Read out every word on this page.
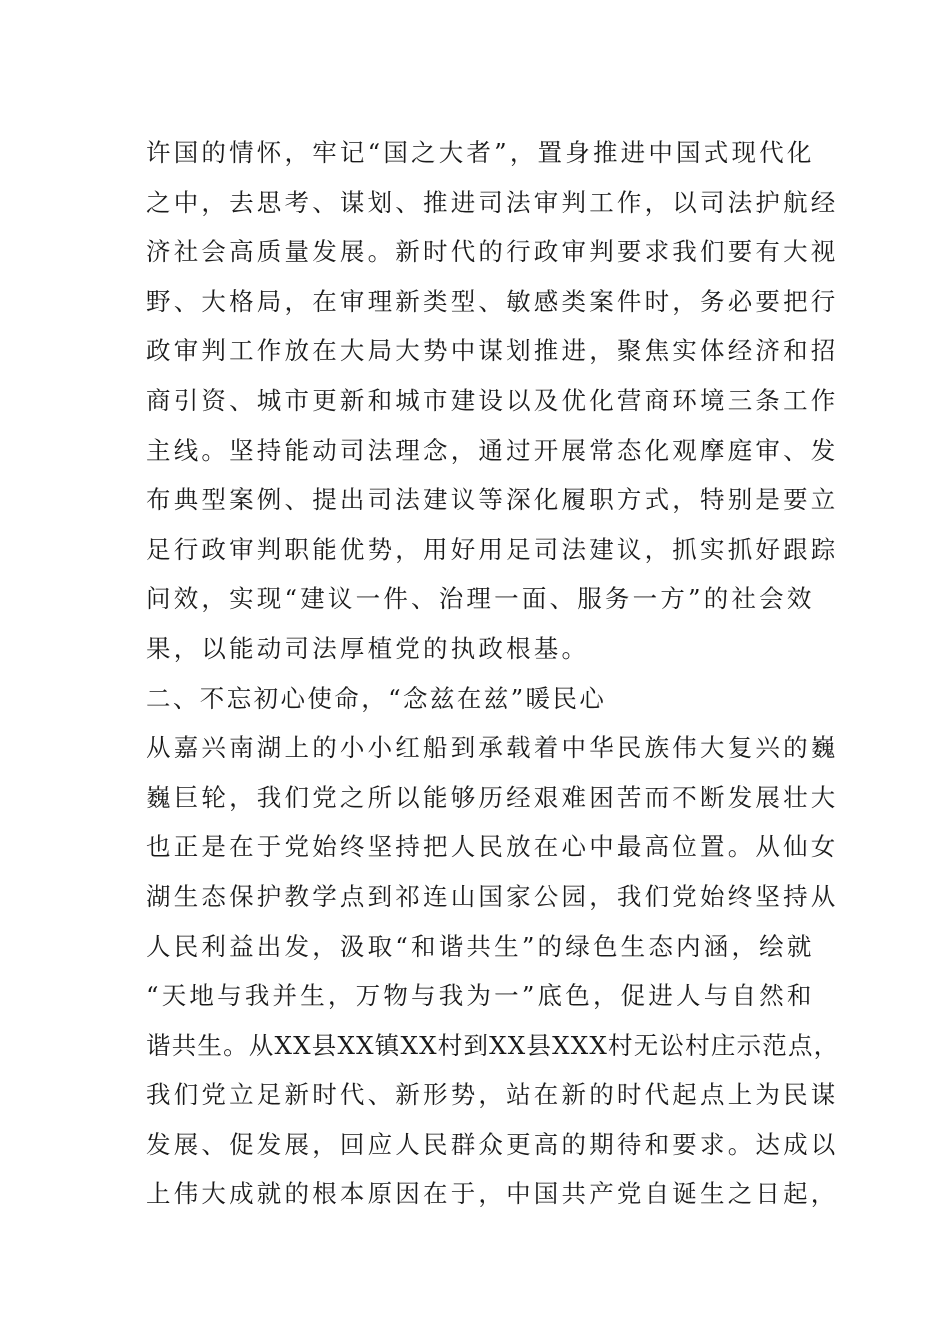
许国的情怀，牢记“国之大者”，置身推进中国式现代化
之中，去思考、谋划、推进司法审判工作，以司法护航经
济社会高质量发展。新时代的行政审判要求我们要有大视
野、大格局，在审理新类型、敏感类案件时，务必要把行
政审判工作放在大局大势中谋划推进，聚焦实体经济和招
商引资、城市更新和城市建设以及优化营商环境三条工作
主线。坚持能动司法理念，通过开展常态化观摩庭审、发
布典型案例、提出司法建议等深化履职方式，特别是要立
足行政审判职能优势，用好用足司法建议，抓实抓好跟踪
问效，实现“建议一件、治理一面、服务一方”的社会效
果，以能动司法厚植党的执政根基。
二、不忘初心使命，“念兹在兹”暖民心
从嘉兴南湖上的小小红船到承载着中华民族伟大复兴的巍
巍巨轮，我们党之所以能够历经艰难困苦而不断发展壮大
也正是在于党始终坚持把人民放在心中最高位置。从仙女
湖生态保护教学点到祁连山国家公园，我们党始终坚持从
人民利益出发，汲取“和谐共生”的绿色生态内涵，绘就
“天地与我并生，万物与我为一”底色，促进人与自然和
谐共生。从XX县XX镇XX村到XX县XXX村无讼村庄示范点，
我们党立足新时代、新形势，站在新的时代起点上为民谋
发展、促发展，回应人民群众更高的期待和要求。达成以
上伟大成就的根本原因在于，中国共产党自诞生之日起，
